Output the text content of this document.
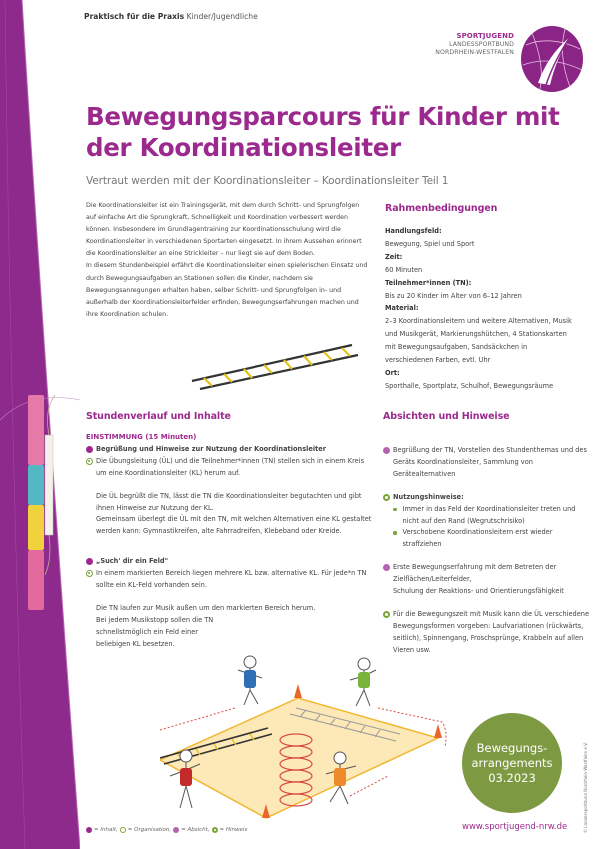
Praktisch für die Praxis Kinder/Jugendliche
SPORTJUGEND
LANDESSPORTBUND
NORDRHEIN-WESTFALEN
Bewegungsparcours für Kinder mit der Koordinationsleiter
Vertraut werden mit der Koordinationsleiter – Koordinationsleiter Teil 1
Die Koordinationsleiter ist ein Trainingsgerät, mit dem durch Schritt- und Sprungfolgen auf einfache Art die Sprungkraft, Schnelligkeit und Koordination verbessert werden können. Insbesondere im Grundlagentraining zur Koordinationsschulung wird die Koordinationsleiter in verschiedenen Sportarten eingesetzt. In ihrem Aussehen erinnert die Koordinationsleiter an eine Strickleiter – nur liegt sie auf dem Boden.
In diesem Stundenbeispiel erfährt die Koordinationsleiter einen spielerischen Einsatz und durch Bewegungsaufgaben an Stationen sollen die Kinder, nachdem sie Bewegungsanregungen erhalten haben, selber Schritt- und Sprungfolgen in- und außerhalb der Koordinationsleiterfelder erfinden, Bewegungserfahrungen machen und ihre Koordination schulen.
Rahmenbedingungen
Handlungsfeld:
Bewegung, Spiel und Sport
Zeit:
60 Minuten
Teilnehmer*innen (TN):
Bis zu 20 Kinder im Alter von 6–12 Jahren
Material:
2–3 Koordinationsleitern und weitere Alternativen, Musik und Musikgerät, Markierungshütchen, 4 Stationskarten mit Bewegungsaufgaben, Sandsäckchen in verschiedenen Farben, evtl. Uhr
Ort:
Sporthalle, Sportplatz, Schulhof, Bewegungsräume
Stundenverlauf und Inhalte
EINSTIMMUNG (15 Minuten)
Begrüßung und Hinweise zur Nutzung der Koordinationsleiter
Die Übungsleitung (ÜL) und die Teilnehmer*innen (TN) stellen sich in einem Kreis um eine Koordinationsleiter (KL) herum auf.
Die ÜL begrüßt die TN, lässt die TN die Koordinationsleiter begutachten und gibt ihnen Hinweise zur Nutzung der KL.
Gemeinsam überlegt die ÜL mit den TN, mit welchen Alternativen eine KL gestaltet werden kann: Gymnastikreifen, alte Fahrradreifen, Klebeband oder Kreide.
„Such' dir ein Feld"
In einem markierten Bereich liegen mehrere KL bzw. alternative KL. Für jede*n TN sollte ein KL-Feld vorhanden sein.
Die TN laufen zur Musik außen um den markierten Bereich herum.
Bei jedem Musikstopp sollen die TN schnellstmöglich ein Feld einer beliebigen KL besetzen.
Absichten und Hinweise
Begrüßung der TN, Vorstellen des Stundenthemas und des Geräts Koordinationsleiter, Sammlung von Gerätealternativen
Nutzungshinweise:
Immer in das Feld der Koordinationsleiter treten und nicht auf den Rand (Wegrutschrisiko)
Verschobene Koordinationsleitern erst wieder straffziehen
Erste Bewegungserfahrung mit dem Betreten der Zielflächen/Leiterfelder,
Schulung der Reaktions- und Orientierungsfähigkeit
Für die Bewegungszeit mit Musik kann die ÜL verschiedene Bewegungsformen vorgeben: Laufvariationen (rückwärts, seitlich), Spinnengang, Froschsprünge, Krabbeln auf allen Vieren usw.
Bewegungs-
arrangements
03.2023
www.sportjugend-nrw.de	© Landessportbund Nordrhein-Westfalen e.V.
= Inhalt, = Organisation, = Absicht, = Hinweis
